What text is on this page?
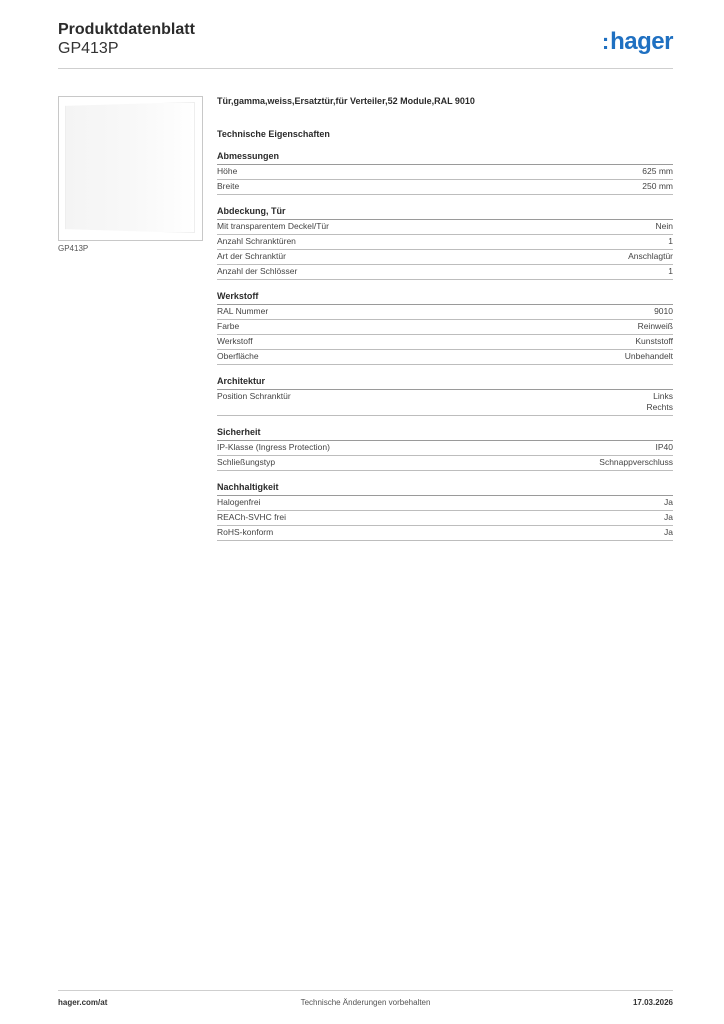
Produktdatenblatt
GP413P	:hager
GP413P
Tür,gamma,weiss,Ersatztür,für Verteiler,52 Module,RAL 9010
Technische Eigenschaften
Abmessungen
Höhe	625 mm
Breite	250 mm
Abdeckung, Tür
Mit transparentem Deckel/Tür	Nein
Anzahl Schranktüren	1
Art der Schranktür	Anschlagtür
Anzahl der Schlösser	1
Werkstoff
RAL Nummer	9010
Farbe	Reinweiß
Werkstoff	Kunststoff
Oberfläche	Unbehandelt
Architektur
Position Schranktür	Links
Rechts
Sicherheit
IP-Klasse (Ingress Protection)	IP40
Schließungstyp	Schnappverschluss
Nachhaltigkeit
Halogenfrei	Ja
REACh-SVHC frei	Ja
RoHS-konform	Ja
hager.com/at	Technische Änderungen vorbehalten	17.03.2026
